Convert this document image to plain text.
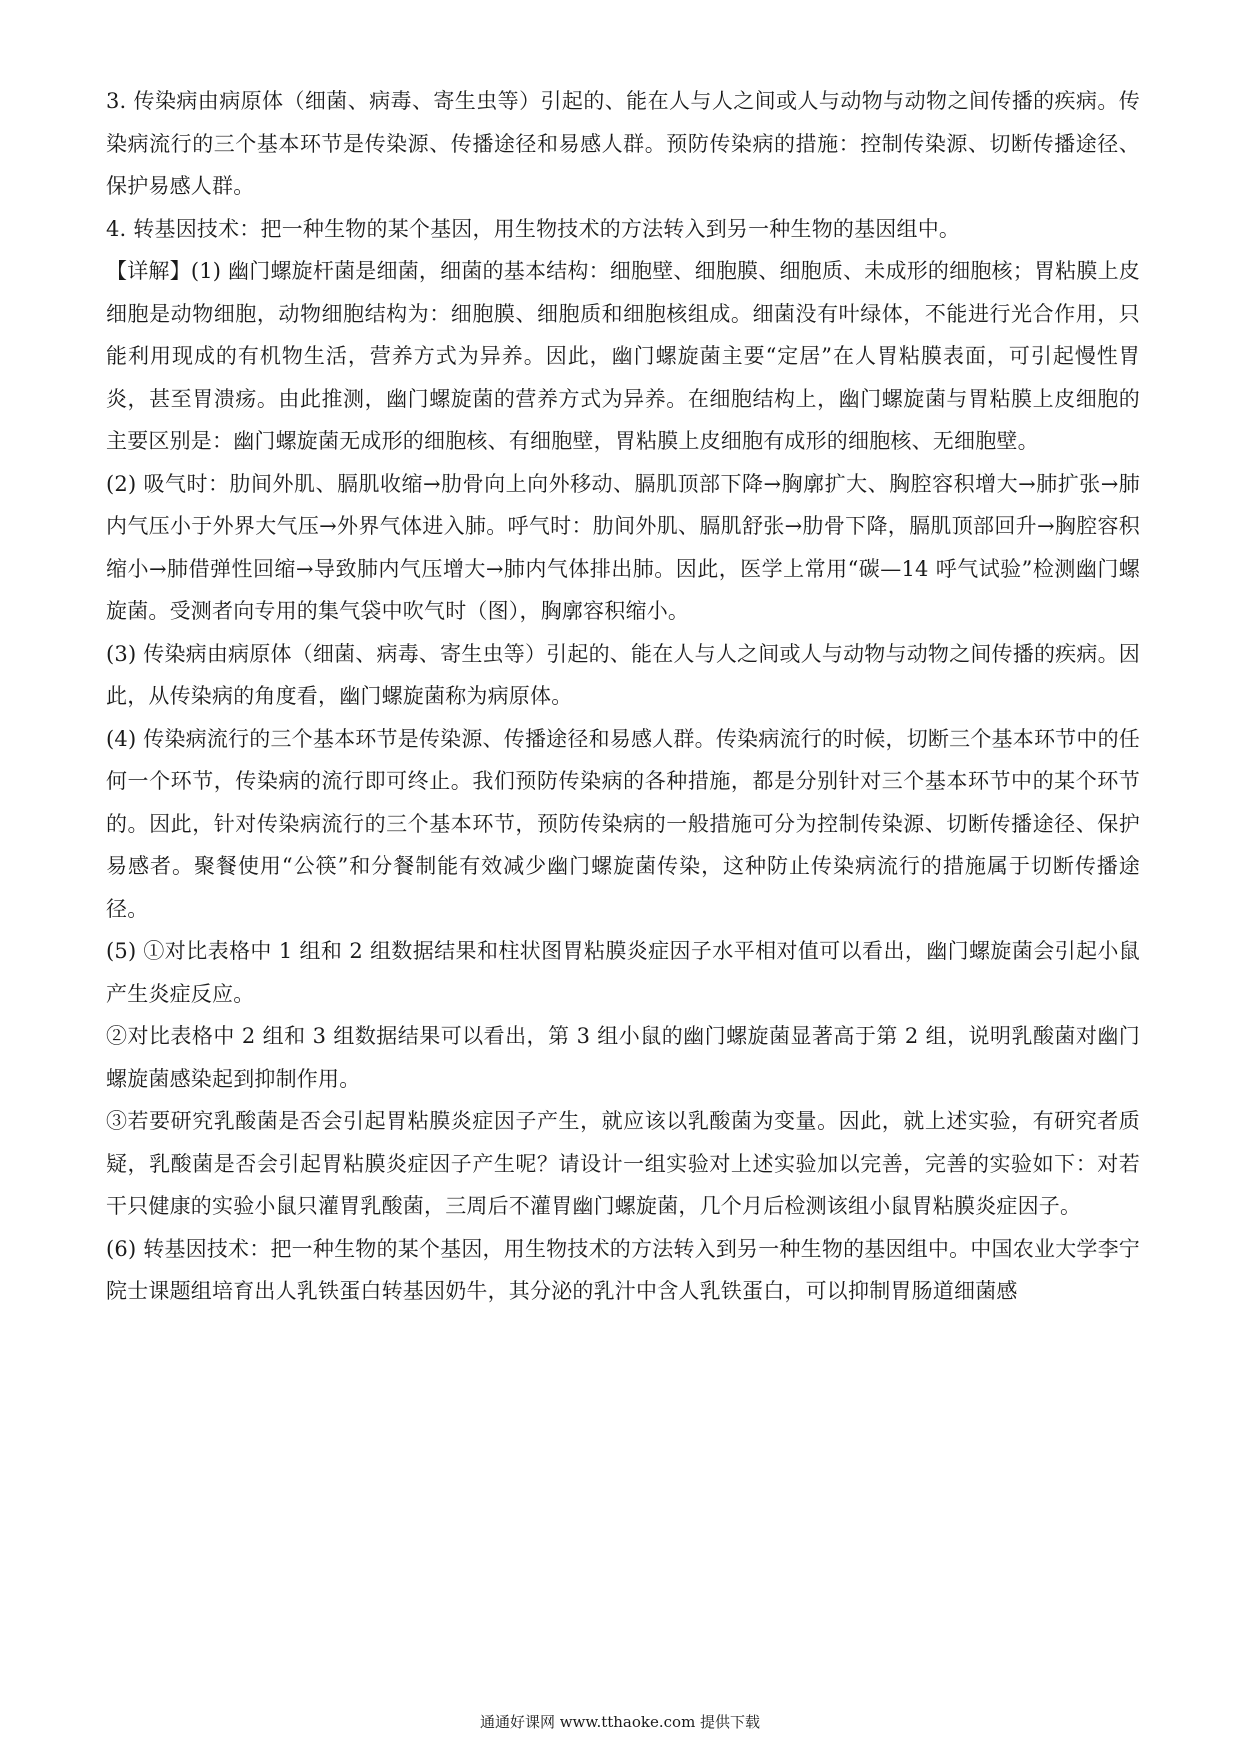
3. 传染病由病原体（细菌、病毒、寄生虫等）引起的、能在人与人之间或人与动物与动物之间传播的疾病。传染病流行的三个基本环节是传染源、传播途径和易感人群。预防传染病的措施：控制传染源、切断传播途径、保护易感人群。

4. 转基因技术：把一种生物的某个基因，用生物技术的方法转入到另一种生物的基因组中。

【详解】(1) 幽门螺旋杆菌是细菌，细菌的基本结构：细胞壁、细胞膜、细胞质、未成形的细胞核；胃粘膜上皮细胞是动物细胞，动物细胞结构为：细胞膜、细胞质和细胞核组成。细菌没有叶绿体，不能进行光合作用，只能利用现成的有机物生活，营养方式为异养。因此，幽门螺旋菌主要“定居”在人胃粘膜表面，可引起慢性胃炎，甚至胃溃疡。由此推测，幽门螺旋菌的营养方式为异养。在细胞结构上，幽门螺旋菌与胃粘膜上皮细胞的主要区别是：幽门螺旋菌无成形的细胞核、有细胞壁，胃粘膜上皮细胞有成形的细胞核、无细胞壁。

(2) 吸气时：肋间外肌、膈肌收缩→肋骨向上向外移动、膈肌顶部下降→胸廓扩大、胸腔容积增大→肺扩张→肺内气压小于外界大气压→外界气体进入肺。呼气时：肋间外肌、膈肌舒张→肋骨下降，膈肌顶部回升→胸腔容积缩小→肺借弹性回缩→导致肺内气压增大→肺内气体排出肺。因此，医学上常用“碳—14 呼气试验”检测幽门螺旋菌。受测者向专用的集气袋中吹气时（图），胸廓容积缩小。

(3) 传染病由病原体（细菌、病毒、寄生虫等）引起的、能在人与人之间或人与动物与动物之间传播的疾病。因此，从传染病的角度看，幽门螺旋菌称为病原体。

(4) 传染病流行的三个基本环节是传染源、传播途径和易感人群。传染病流行的时候，切断三个基本环节中的任何一个环节，传染病的流行即可终止。我们预防传染病的各种措施，都是分别针对三个基本环节中的某个环节的。因此，针对传染病流行的三个基本环节，预防传染病的一般措施可分为控制传染源、切断传播途径、保护易感者。聚餐使用“公筷”和分餐制能有效减少幽门螺旋菌传染，这种防止传染病流行的措施属于切断传播途径。

(5) ①对比表格中 1 组和 2 组数据结果和柱状图胃粘膜炎症因子水平相对值可以看出，幽门螺旋菌会引起小鼠产生炎症反应。

②对比表格中 2 组和 3 组数据结果可以看出，第 3 组小鼠的幽门螺旋菌显著高于第 2 组，说明乳酸菌对幽门螺旋菌感染起到抑制作用。

③若要研究乳酸菌是否会引起胃粘膜炎症因子产生，就应该以乳酸菌为变量。因此，就上述实验，有研究者质疑，乳酸菌是否会引起胃粘膜炎症因子产生呢？请设计一组实验对上述实验加以完善，完善的实验如下：对若干只健康的实验小鼠只灌胃乳酸菌，三周后不灌胃幽门螺旋菌，几个月后检测该组小鼠胃粘膜炎症因子。

(6) 转基因技术：把一种生物的某个基因，用生物技术的方法转入到另一种生物的基因组中。中国农业大学李宁院士课题组培育出人乳铁蛋白转基因奶牛，其分泌的乳汁中含人乳铁蛋白，可以抑制胃肠道细菌感

通通好课网 www.tthaoke.com 提供下载
